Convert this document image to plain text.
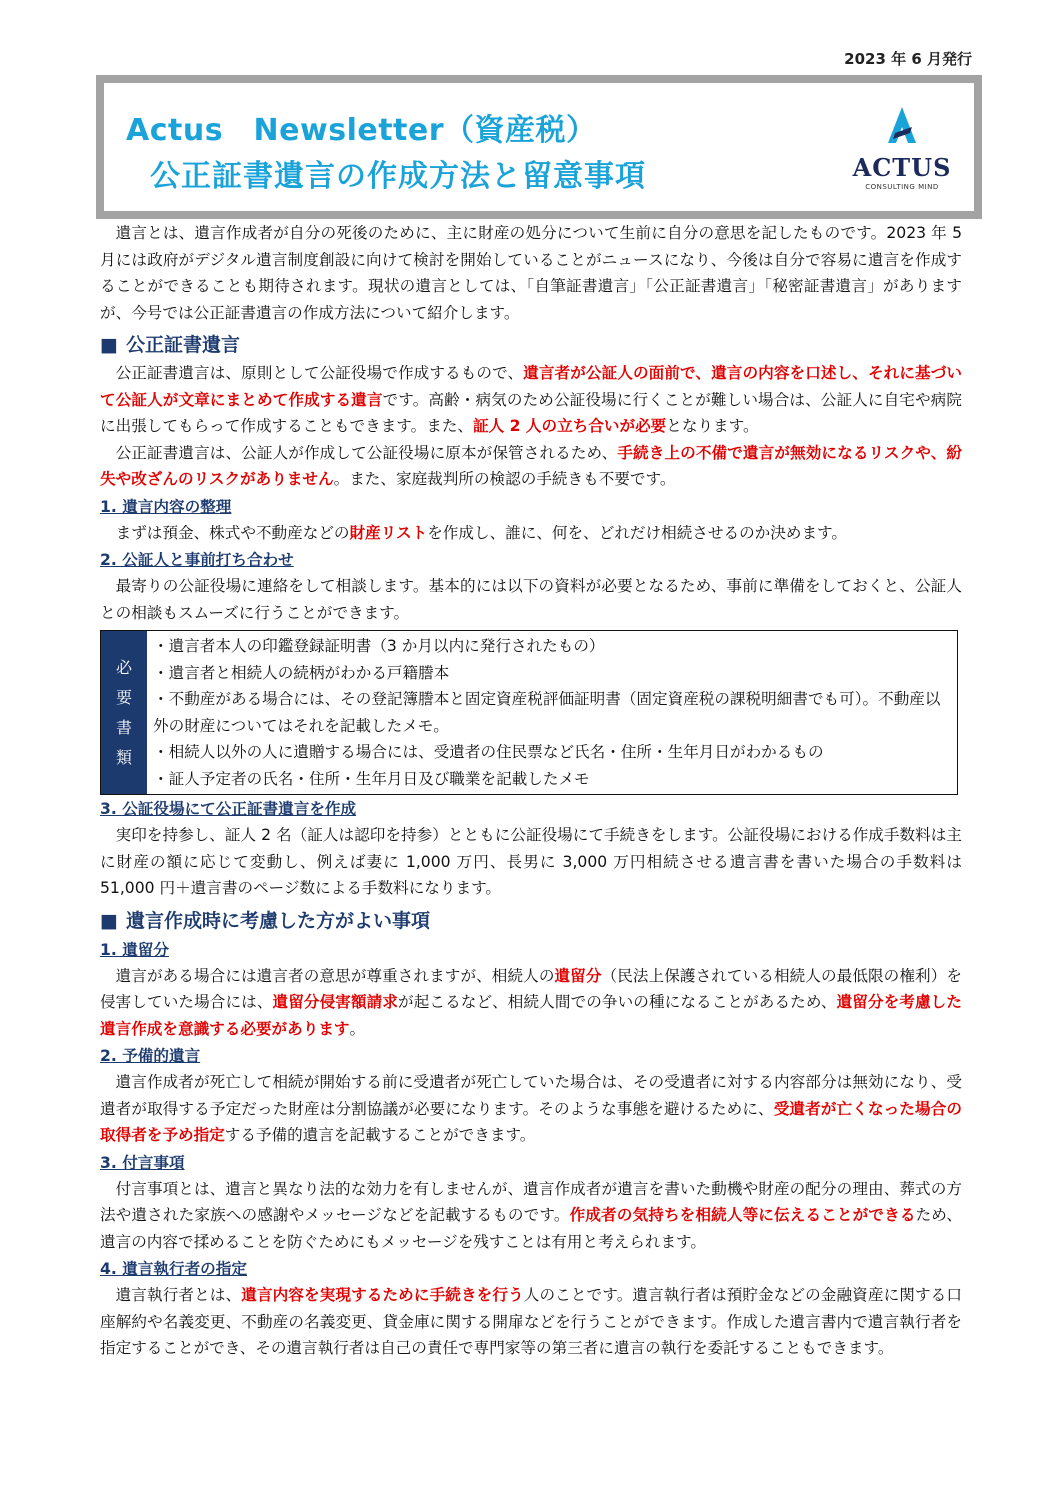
2023 年 6 月発行
Actus　Newsletter（資産税）
公正証書遺言の作成方法と留意事項	ACTUS
CONSULTING MIND

遺言とは、遺言作成者が自分の死後のために、主に財産の処分について生前に自分の意思を記したものです。2023 年 5 月には政府がデジタル遺言制度創設に向けて検討を開始していることがニュースになり、今後は自分で容易に遺言を作成することができることも期待されます。現状の遺言としては、「自筆証書遺言」「公正証書遺言」「秘密証書遺言」がありますが、今号では公正証書遺言の作成方法について紹介します。

■ 公正証書遺言

公正証書遺言は、原則として公証役場で作成するもので、遺言者が公証人の面前で、遺言の内容を口述し、それに基づいて公証人が文章にまとめて作成する遺言です。高齢・病気のため公証役場に行くことが難しい場合は、公証人に自宅や病院に出張してもらって作成することもできます。また、証人 2 人の立ち合いが必要となります。

公正証書遺言は、公証人が作成して公証役場に原本が保管されるため、手続き上の不備で遺言が無効になるリスクや、紛失や改ざんのリスクがありません。また、家庭裁判所の検認の手続きも不要です。

1. 遺言内容の整理

まずは預金、株式や不動産などの財産リストを作成し、誰に、何を、どれだけ相続させるのか決めます。

2. 公証人と事前打ち合わせ

最寄りの公証役場に連絡をして相談します。基本的には以下の資料が必要となるため、事前に準備をしておくと、公証人との相談もスムーズに行うことができます。

必
要
書
類
・遺言者本人の印鑑登録証明書（3 か月以内に発行されたもの）
・遺言者と相続人の続柄がわかる戸籍謄本
・不動産がある場合には、その登記簿謄本と固定資産税評価証明書（固定資産税の課税明細書でも可）。不動産以外の財産についてはそれを記載したメモ。
・相続人以外の人に遺贈する場合には、受遺者の住民票など氏名・住所・生年月日がわかるもの
・証人予定者の氏名・住所・生年月日及び職業を記載したメモ
3. 公証役場にて公正証書遺言を作成

実印を持参し、証人 2 名（証人は認印を持参）とともに公証役場にて手続きをします。公証役場における作成手数料は主に財産の額に応じて変動し、例えば妻に 1,000 万円、長男に 3,000 万円相続させる遺言書を書いた場合の手数料は 51,000 円＋遺言書のページ数による手数料になります。

■ 遺言作成時に考慮した方がよい事項
1. 遺留分

遺言がある場合には遺言者の意思が尊重されますが、相続人の遺留分（民法上保護されている相続人の最低限の権利）を侵害していた場合には、遺留分侵害額請求が起こるなど、相続人間での争いの種になることがあるため、遺留分を考慮した遺言作成を意識する必要があります。

2. 予備的遺言

遺言作成者が死亡して相続が開始する前に受遺者が死亡していた場合は、その受遺者に対する内容部分は無効になり、受遺者が取得する予定だった財産は分割協議が必要になります。そのような事態を避けるために、受遺者が亡くなった場合の取得者を予め指定する予備的遺言を記載することができます。

3. 付言事項

付言事項とは、遺言と異なり法的な効力を有しませんが、遺言作成者が遺言を書いた動機や財産の配分の理由、葬式の方法や遺された家族への感謝やメッセージなどを記載するものです。作成者の気持ちを相続人等に伝えることができるため、遺言の内容で揉めることを防ぐためにもメッセージを残すことは有用と考えられます。

4. 遺言執行者の指定

遺言執行者とは、遺言内容を実現するために手続きを行う人のことです。遺言執行者は預貯金などの金融資産に関する口座解約や名義変更、不動産の名義変更、貸金庫に関する開扉などを行うことができます。作成した遺言書内で遺言執行者を指定することができ、その遺言執行者は自己の責任で専門家等の第三者に遺言の執行を委託することもできます。
